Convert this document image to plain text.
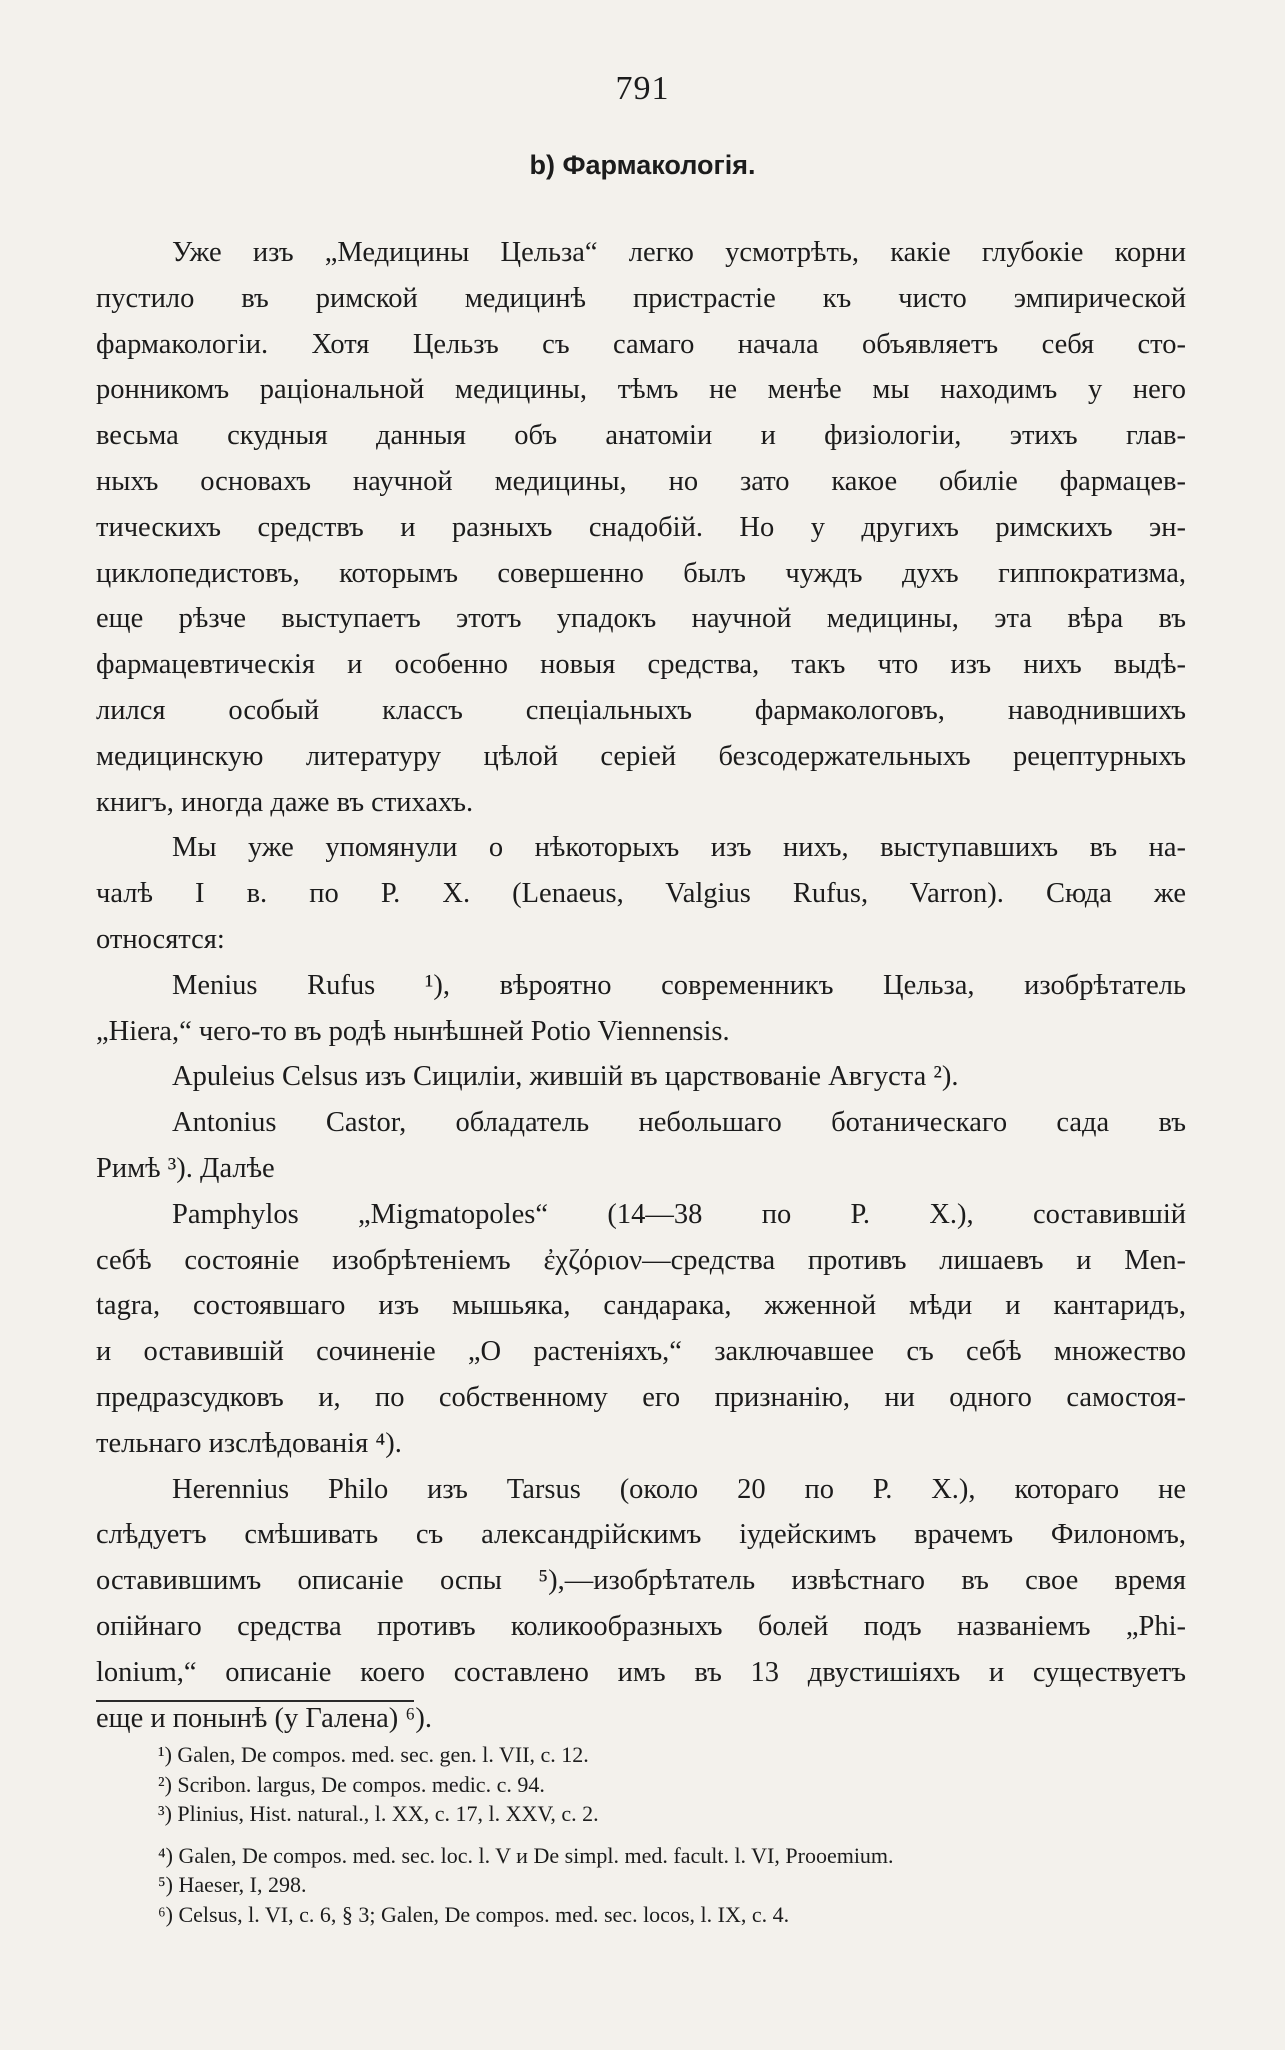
791
b) Фармакологія.
Уже изъ „Медицины Цельза“ легко усмотрѣть, какіе глубокіе корни
пустило въ римской медицинѣ пристрастіе къ чисто эмпирической
фармакологіи. Хотя Цельзъ съ самаго начала объявляетъ себя сто-
ронникомъ раціональной медицины, тѣмъ не менѣе мы находимъ у него
весьма скудныя данныя объ анатоміи и физіологіи, этихъ глав-
ныхъ основахъ научной медицины, но зато какое обиліе фармацев-
тическихъ средствъ и разныхъ снадобій. Но у другихъ римскихъ эн-
циклопедистовъ, которымъ совершенно былъ чуждъ духъ гиппократизма,
еще рѣзче выступаетъ этотъ упадокъ научной медицины, эта вѣра въ
фармацевтическія и особенно новыя средства, такъ что изъ нихъ выдѣ-
лился особый классъ спеціальныхъ фармакологовъ, наводнившихъ
медицинскую литературу цѣлой серіей безсодержательныхъ рецептурныхъ
книгъ, иногда даже въ стихахъ.
Мы уже упомянули о нѣкоторыхъ изъ нихъ, выступавшихъ въ на-
чалѣ I в. по Р. X. (Lenaeus, Valgius Rufus, Varron). Сюда же
относятся:
Menius Rufus ¹), вѣроятно современникъ Цельза, изобрѣтатель
„Hiera,“ чего-то въ родѣ нынѣшней Potio Viennensis.
Apuleius Celsus изъ Сициліи, жившій въ царствованіе Августа ²).
Antonius Castor, обладатель небольшаго ботаническаго сада въ
Римѣ ³). Далѣе
Pamphylos „Migmatopoles“ (14—38 по Р. X.), составившій
себѣ состояніе изобрѣтеніемъ ἐχζόριον—средства противъ лишаевъ и Men-
tagra, состоявшаго изъ мышьяка, сандарака, жженной мѣди и кантаридъ,
и оставившій сочиненіе „О растеніяхъ,“ заключавшее съ себѣ множество
предразсудковъ и, по собственному его признанію, ни одного самостоя-
тельнаго изслѣдованія ⁴).
Herennius Philo изъ Tarsus (около 20 по Р. X.), котораго не
слѣдуетъ смѣшивать съ александрійскимъ іудейскимъ врачемъ Филономъ,
оставившимъ описаніе оспы ⁵),—изобрѣтатель извѣстнаго въ свое время
опійнаго средства противъ коликообразныхъ болей подъ названіемъ „Phi-
lonium,“ описаніе коего составлено имъ въ 13 двустишіяхъ и существуетъ
еще и понынѣ (у Галена) ⁶).
¹) Galen, De compos. med. sec. gen. l. VII, c. 12.
²) Scribon. largus, De compos. medic. c. 94.
³) Plinius, Hist. natural., l. XX, c. 17, l. XXV, c. 2.
⁴) Galen, De compos. med. sec. loc. l. V и De simpl. med. facult. l. VI, Prooemium.
⁵) Haeser, I, 298.
⁶) Celsus, l. VI, c. 6, § 3; Galen, De compos. med. sec. locos, l. IX, c. 4.
